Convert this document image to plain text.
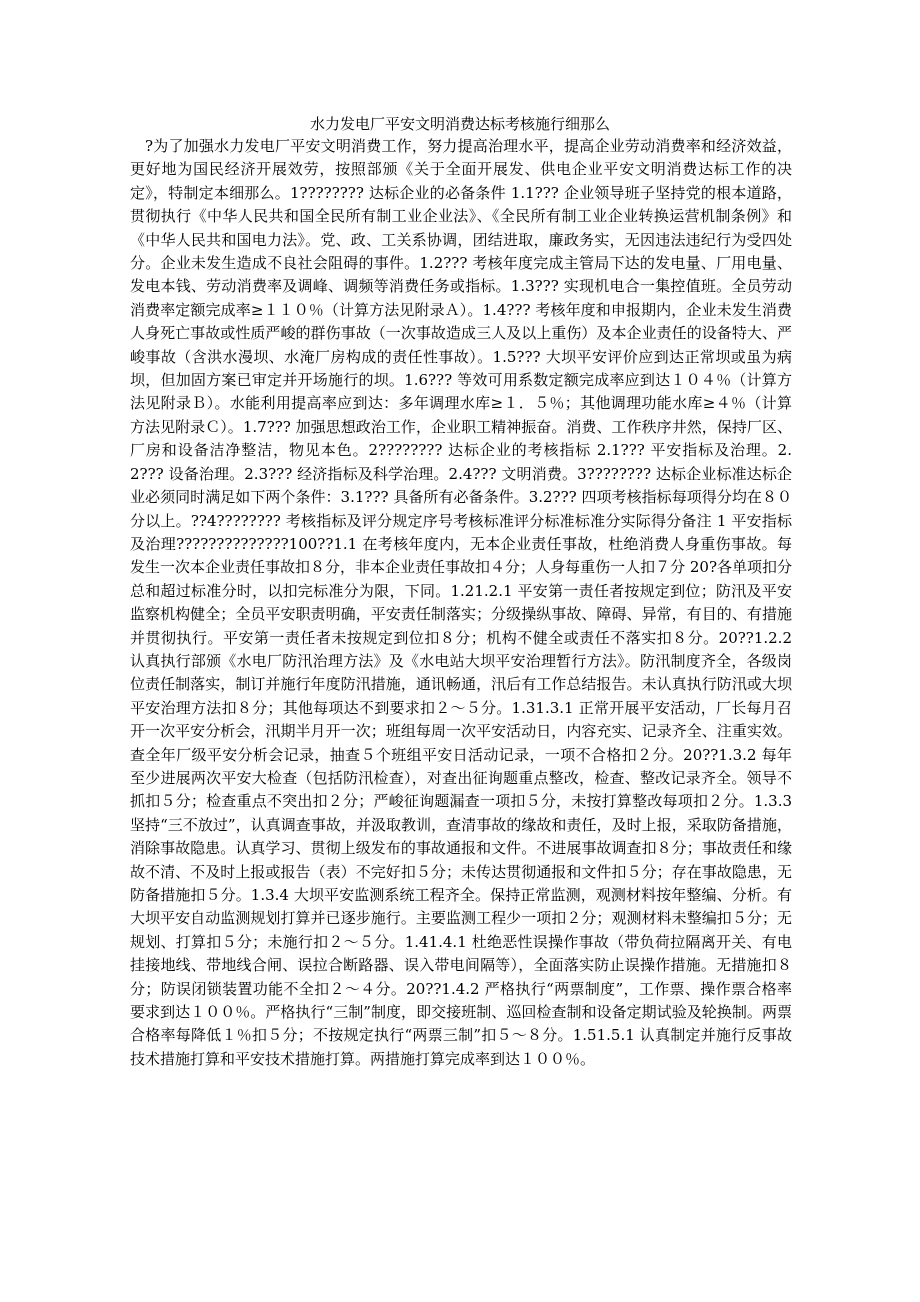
水力发电厂平安文明消费达标考核施行细那么

?为了加强水力发电厂平安文明消费工作，努力提高治理水平，提高企业劳动消费率和经济效益，更好地为国民经济开展效劳，按照部颁《关于全面开展发、供电企业平安文明消费达标工作的决定》，特制定本细那么。1???????? 达标企业的必备条件 1.1??? 企业领导班子坚持党的根本道路，贯彻执行《中华人民共和国全民所有制工业企业法》、《全民所有制工业企业转换运营机制条例》和《中华人民共和国电力法》。党、政、工关系协调，团结进取，廉政务实，无因违法违纪行为受四处分。企业未发生造成不良社会阻碍的事件。1.2??? 考核年度完成主管局下达的发电量、厂用电量、发电本钱、劳动消费率及调峰、调频等消费任务或指标。1.3??? 实现机电合一集控值班。全员劳动消费率定额完成率≥１１０％（计算方法见附录Ａ）。1.4??? 考核年度和申报期内，企业未发生消费人身死亡事故或性质严峻的群伤事故（一次事故造成三人及以上重伤）及本企业责任的设备特大、严峻事故（含洪水漫坝、水淹厂房构成的责任性事故）。1.5??? 大坝平安评价应到达正常坝或虽为病坝，但加固方案已审定并开场施行的坝。1.6??? 等效可用系数定额完成率应到达１０４％（计算方法见附录Ｂ）。水能利用提高率应到达：多年调理水库≥１．５％；其他调理功能水库≥４％（计算方法见附录Ｃ）。1.7??? 加强思想政治工作，企业职工精神振奋。消费、工作秩序井然，保持厂区、厂房和设备洁净整洁，物见本色。2???????? 达标企业的考核指标 2.1??? 平安指标及治理。2.2??? 设备治理。2.3??? 经济指标及科学治理。2.4??? 文明消费。3???????? 达标企业标准达标企业必须同时满足如下两个条件：3.1??? 具备所有必备条件。3.2??? 四项考核指标每项得分均在８０分以上。??4???????? 考核指标及评分规定序号考核标准评分标准标准分实际得分备注 1 平安指标及治理??????????????100??1.1 在考核年度内，无本企业责任事故，杜绝消费人身重伤事故。每发生一次本企业责任事故扣８分，非本企业责任事故扣４分；人身每重伤一人扣７分 20?各单项扣分总和超过标准分时，以扣完标准分为限，下同。1.21.2.1 平安第一责任者按规定到位；防汛及平安监察机构健全；全员平安职责明确，平安责任制落实；分级操纵事故、障碍、异常，有目的、有措施并贯彻执行。平安第一责任者未按规定到位扣８分；机构不健全或责任不落实扣８分。20??1.2.2 认真执行部颁《水电厂防汛治理方法》及《水电站大坝平安治理暂行方法》。防汛制度齐全，各级岗位责任制落实，制订并施行年度防汛措施，通讯畅通，汛后有工作总结报告。未认真执行防汛或大坝平安治理方法扣８分；其他每项达不到要求扣２～５分。1.31.3.1 正常开展平安活动，厂长每月召开一次平安分析会，汛期半月开一次；班组每周一次平安活动日，内容充实、记录齐全、注重实效。查全年厂级平安分析会记录，抽查５个班组平安日活动记录，一项不合格扣２分。20??1.3.2 每年至少进展两次平安大检查（包括防汛检查），对查出征询题重点整改，检查、整改记录齐全。领导不抓扣５分；检查重点不突出扣２分；严峻征询题漏查一项扣５分，未按打算整改每项扣２分。1.3.3 坚持“三不放过”，认真调查事故，并汲取教训，查清事故的缘故和责任，及时上报，采取防备措施，消除事故隐患。认真学习、贯彻上级发布的事故通报和文件。不进展事故调查扣８分；事故责任和缘故不清、不及时上报或报告（表）不完好扣５分；未传达贯彻通报和文件扣５分；存在事故隐患，无防备措施扣５分。1.3.4 大坝平安监测系统工程齐全。保持正常监测，观测材料按年整编、分析。有大坝平安自动监测规划打算并已逐步施行。主要监测工程少一项扣２分；观测材料未整编扣５分；无规划、打算扣５分；未施行扣２～５分。1.41.4.1 杜绝恶性误操作事故（带负荷拉隔离开关、有电挂接地线、带地线合闸、误拉合断路器、误入带电间隔等），全面落实防止误操作措施。无措施扣８分；防误闭锁装置功能不全扣２～４分。20??1.4.2 严格执行“两票制度”，工作票、操作票合格率要求到达１００％。严格执行“三制”制度，即交接班制、巡回检查制和设备定期试验及轮换制。两票合格率每降低１％扣５分；不按规定执行“两票三制”扣５～８分。1.51.5.1 认真制定并施行反事故技术措施打算和平安技术措施打算。两措施打算完成率到达１００％。
